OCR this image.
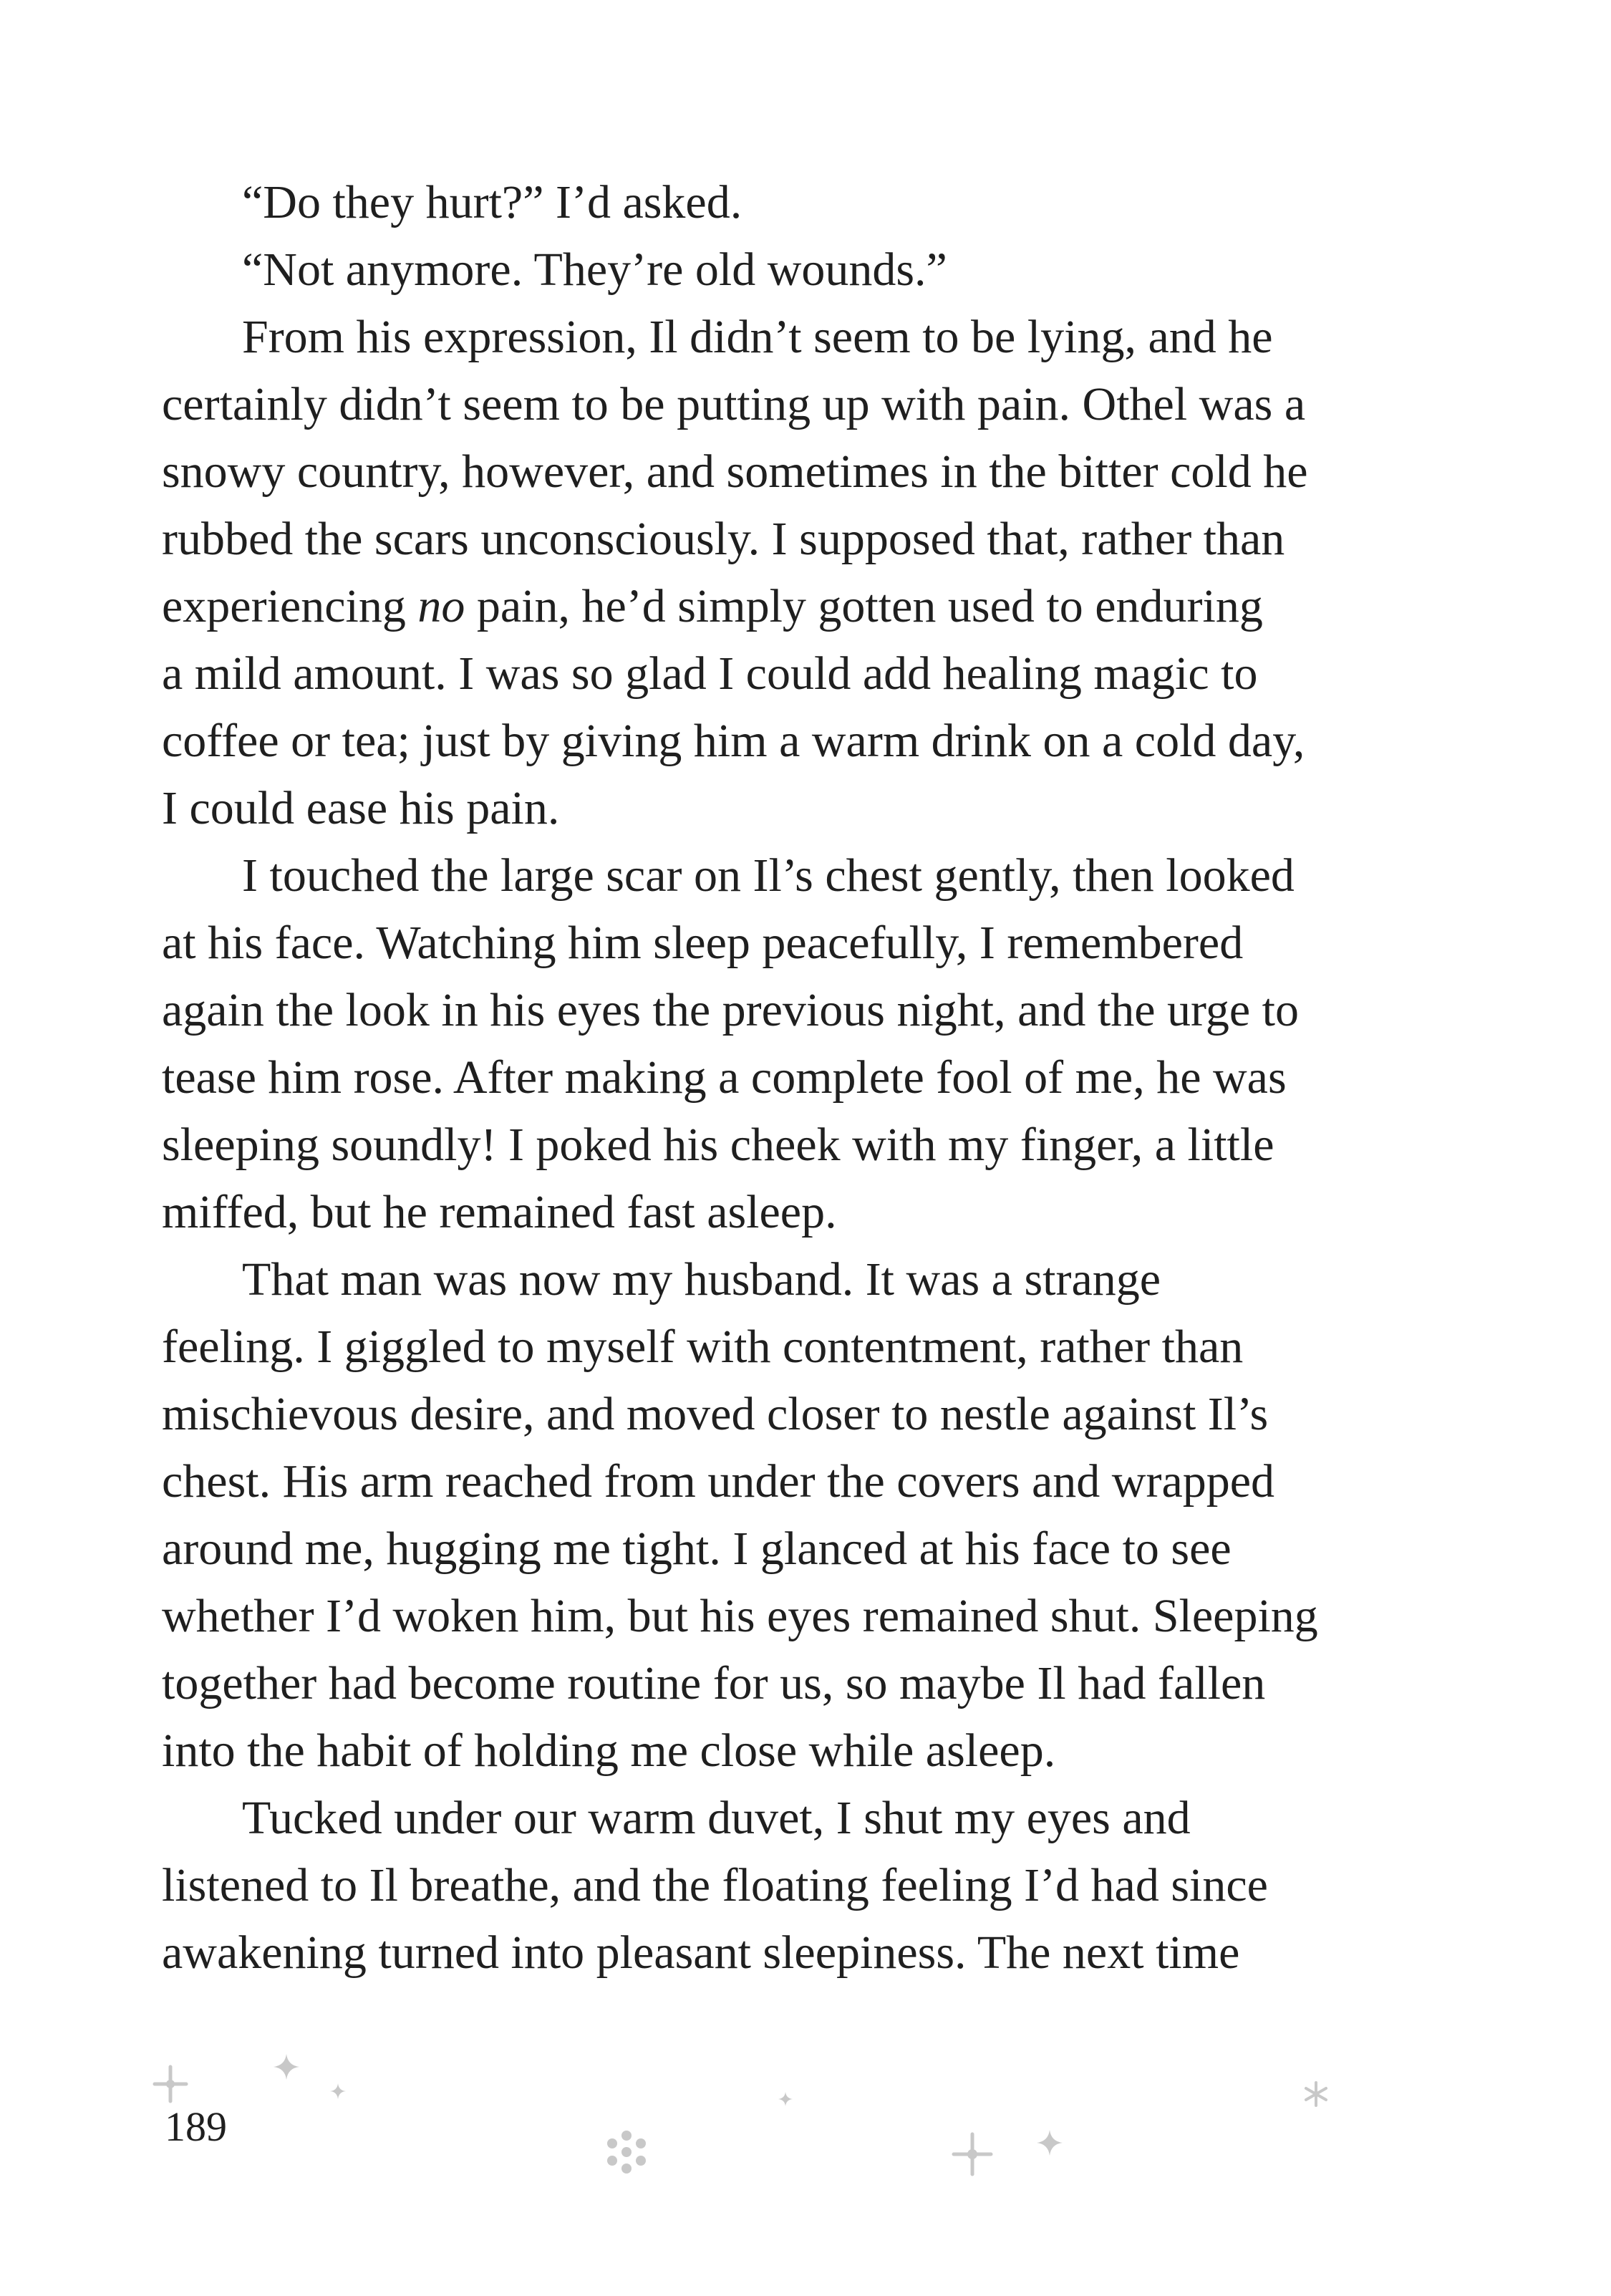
“Do they hurt?” I’d asked.
“Not anymore. They’re old wounds.”
From his expression, Il didn’t seem to be lying, and he
certainly didn’t seem to be putting up with pain. Othel was a
snowy country, however, and sometimes in the bitter cold he
rubbed the scars unconsciously. I supposed that, rather than
experiencing no pain, he’d simply gotten used to enduring
a mild amount. I was so glad I could add healing magic to
coffee or tea; just by giving him a warm drink on a cold day,
I could ease his pain.
I touched the large scar on Il’s chest gently, then looked
at his face. Watching him sleep peacefully, I remembered
again the look in his eyes the previous night, and the urge to
tease him rose. After making a complete fool of me, he was
sleeping soundly! I poked his cheek with my finger, a little
miffed, but he remained fast asleep.
That man was now my husband. It was a strange
feeling. I giggled to myself with contentment, rather than
mischievous desire, and moved closer to nestle against Il’s
chest. His arm reached from under the covers and wrapped
around me, hugging me tight. I glanced at his face to see
whether I’d woken him, but his eyes remained shut. Sleeping
together had become routine for us, so maybe Il had fallen
into the habit of holding me close while asleep.
Tucked under our warm duvet, I shut my eyes and
listened to Il breathe, and the floating feeling I’d had since
awakening turned into pleasant sleepiness. The next time
189
